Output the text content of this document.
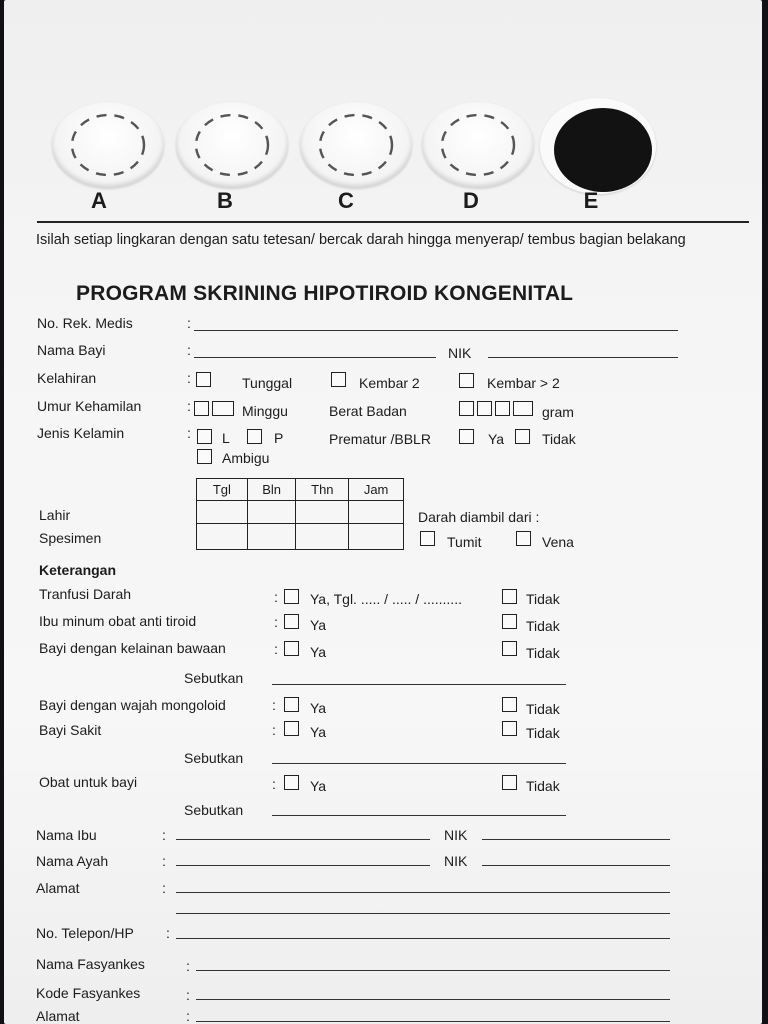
A	B	C	D	E
Isilah setiap lingkaran dengan satu tetesan/ bercak darah hingga menyerap/ tembus bagian belakang
PROGRAM SKRINING HIPOTIROID KONGENITAL
No. Rek. Medis	:
Nama Bayi	:	NIK
Kelahiran	:	Tunggal	Kembar 2	Kembar > 2
Umur Kehamilan	:	Minggu	Berat Badan	gram
Jenis Kelamin	: L	P	Prematur /BBLR	Ya	Tidak
Ambigu
Tgl	Bln	Thn	Jam

Lahir
Spesimen
Darah diambil dari :
Tumit	Vena
Keterangan
Tranfusi Darah	: Ya, Tgl. ..... / ..... / ..........	Tidak
Ibu minum obat anti tiroid	: Ya	Tidak
Bayi dengan kelainan bawaan	: Ya	Tidak
Sebutkan
Bayi dengan wajah mongoloid	: Ya	Tidak
Bayi Sakit	: Ya	Tidak
Sebutkan
Obat untuk bayi	: Ya	Tidak
Sebutkan
Nama Ibu	:	NIK
Nama Ayah	:	NIK
Alamat	:
No. Telepon/HP :
Nama Fasyankes	:
Kode Fasyankes	:
Alamat	:
